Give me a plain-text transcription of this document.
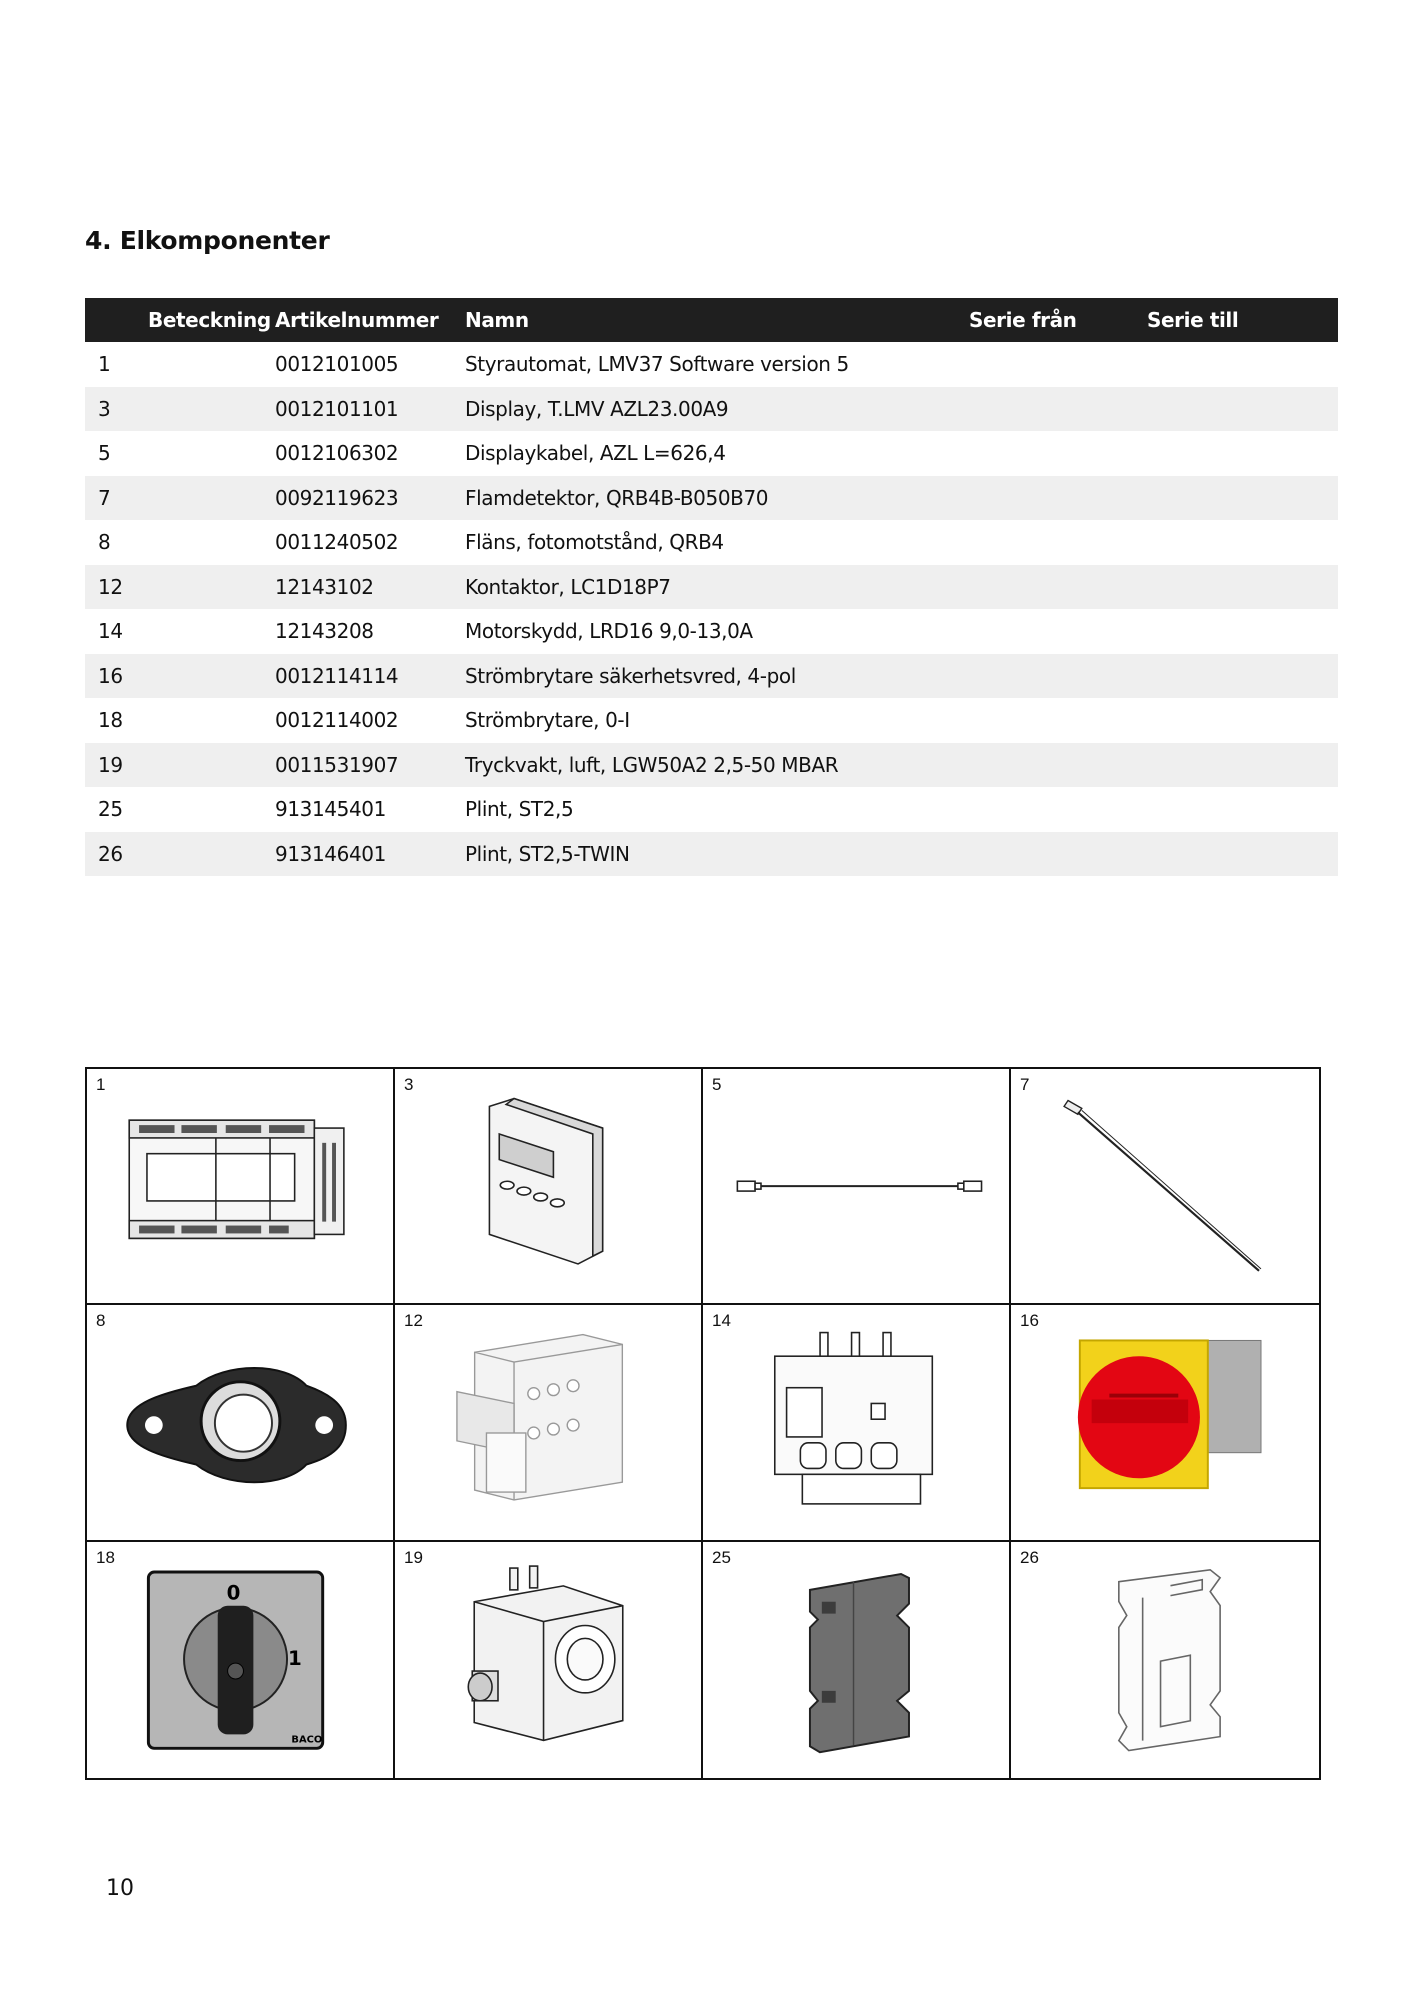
4. Elkomponenter
Beteckning	Artikelnummer	Namn	Serie från	Serie till
1	0012101005	Styrautomat, LMV37 Software version 5		
3	0012101101	Display, T.LMV AZL23.00A9		
5	0012106302	Displaykabel, AZL L=626,4		
7	0092119623	Flamdetektor, QRB4B-B050B70		
8	0011240502	Fläns, fotomotstånd, QRB4		
12	12143102	Kontaktor, LC1D18P7		
14	12143208	Motorskydd, LRD16 9,0-13,0A		
16	0012114114	Strömbrytare säkerhetsvred, 4-pol		
18	0012114002	Strömbrytare, 0-I		
19	0011531907	Tryckvakt, luft, LGW50A2 2,5-50 MBAR		
25	913145401	Plint, ST2,5		
26	913146401	Plint, ST2,5-TWIN		
1	3	5	7
8	12	14	16
18
0
1
BACO
19	25	26
10
